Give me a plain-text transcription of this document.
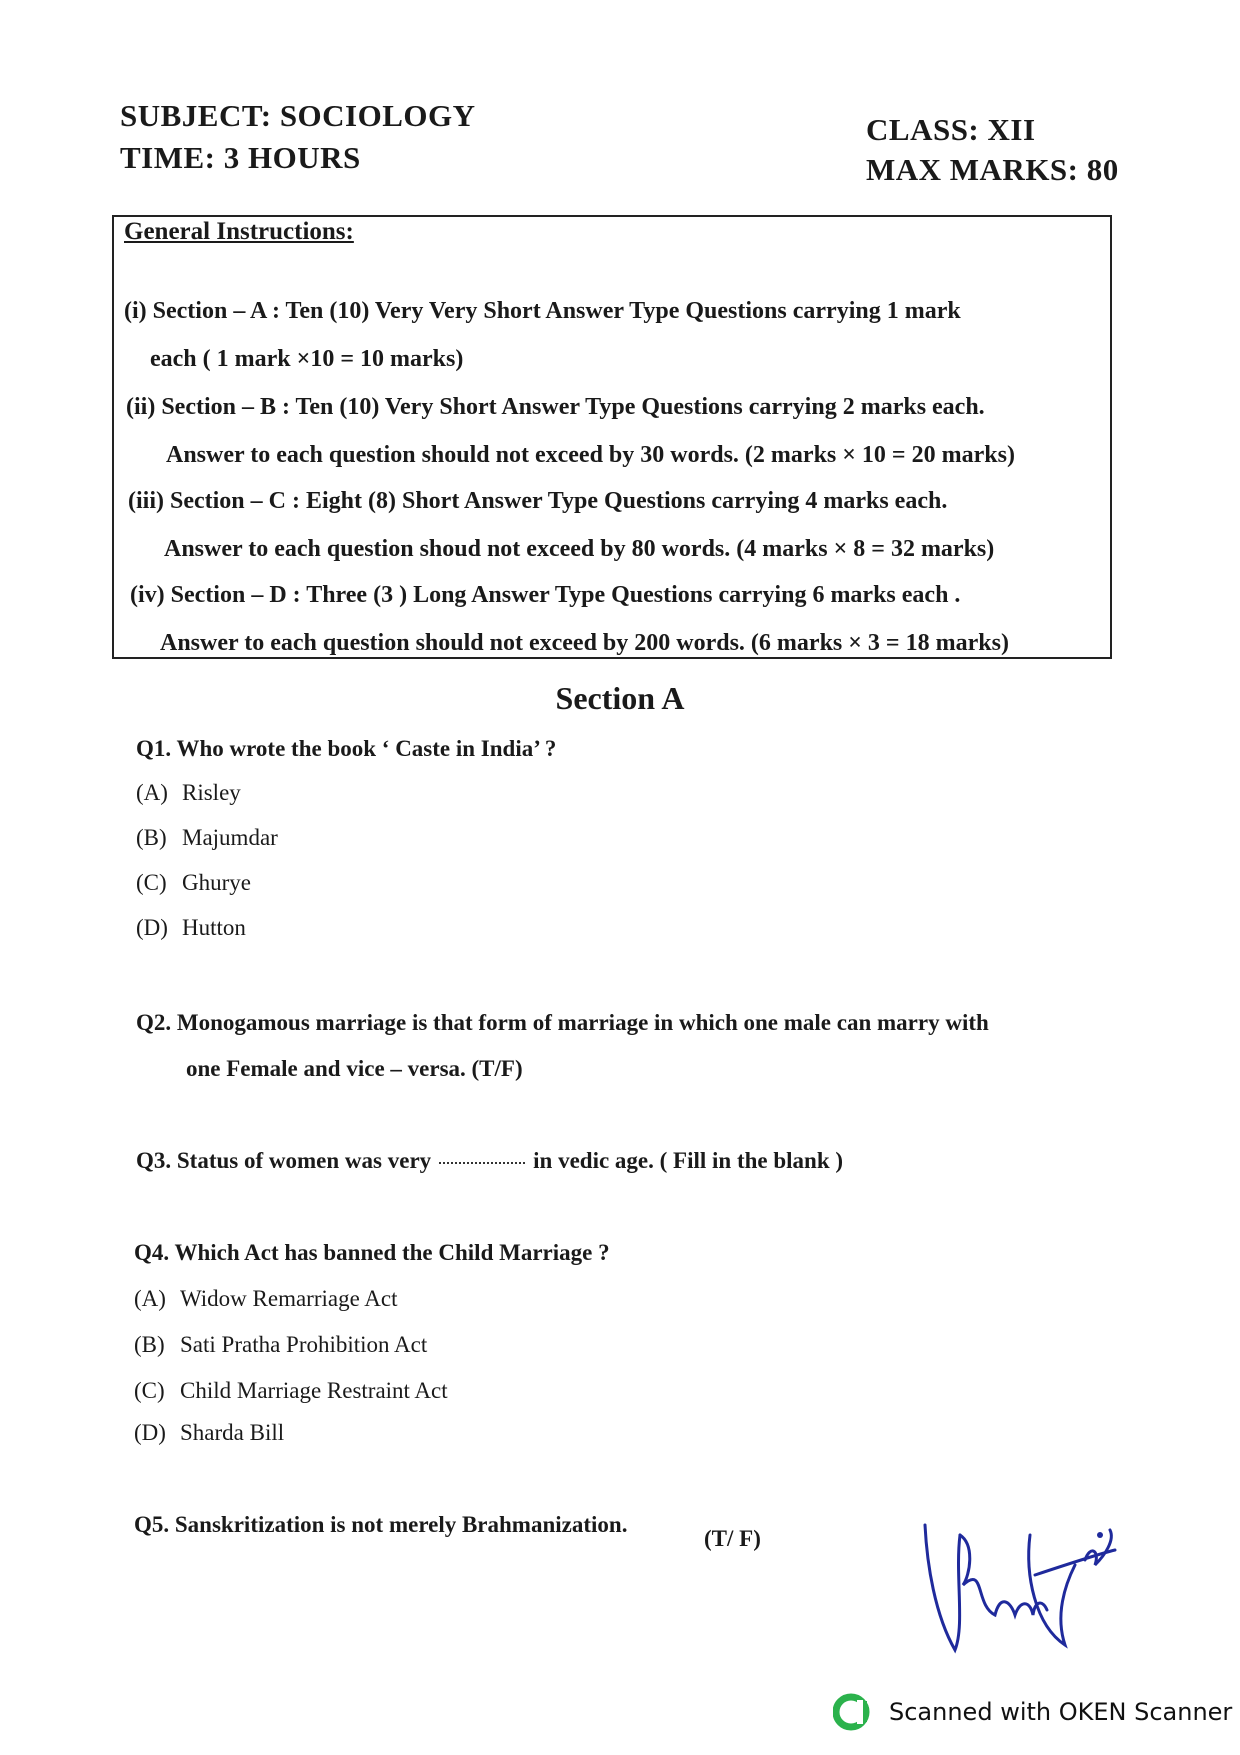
SUBJECT: SOCIOLOGY
TIME: 3 HOURS
CLASS: XII
MAX MARKS: 80
General Instructions:
(i) Section – A : Ten (10) Very Very Short Answer Type Questions carrying 1 mark
each ( 1 mark ×10 = 10 marks)
(ii) Section – B : Ten (10) Very Short Answer Type Questions carrying 2 marks each.
Answer to each question should not exceed by 30 words. (2 marks × 10 = 20 marks)
(iii) Section – C : Eight (8) Short Answer Type Questions carrying 4 marks each.
Answer to each question shoud not exceed by 80 words. (4 marks × 8 = 32 marks)
(iv) Section – D : Three (3 ) Long Answer Type Questions carrying 6 marks each .
Answer to each question should not exceed by 200 words. (6 marks × 3 = 18 marks)
Section A
Q1. Who wrote the book ‘ Caste in India’ ?
(A) Risley
(B) Majumdar
(C) Ghurye
(D) Hutton
Q2. Monogamous marriage is that form of marriage in which one male can marry with
one Female and vice – versa. (T/F)
Q3. Status of women was very	in vedic age. ( Fill in the blank )
Q4. Which Act has banned the Child Marriage ?
(A) Widow Remarriage Act
(B) Sati Pratha Prohibition Act
(C) Child Marriage Restraint Act
(D) Sharda Bill
Q5. Sanskritization is not merely Brahmanization.
(T/ F)
Scanned with OKEN Scanner
